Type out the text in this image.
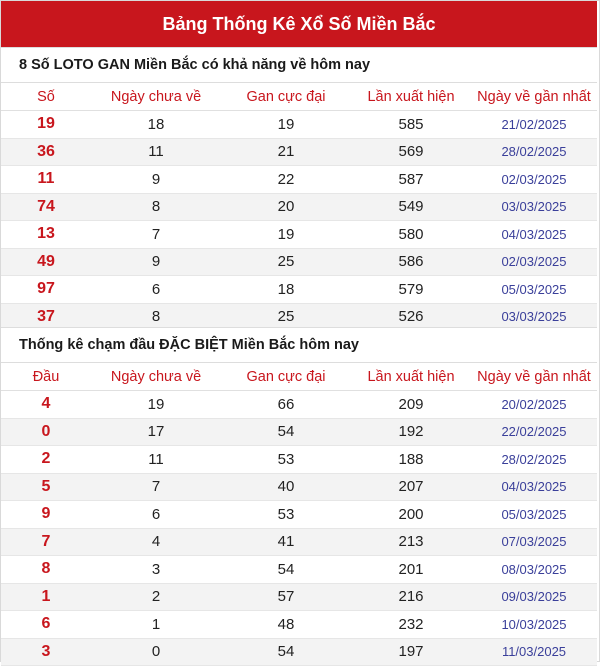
Bảng Thống Kê Xổ Số Miền Bắc
8 Số LOTO GAN Miền Bắc có khả năng về hôm nay
Số	Ngày chưa về	Gan cực đại	Lần xuất hiện	Ngày về gần nhất
19	18	19	585	21/02/2025
36	11	21	569	28/02/2025
11	9	22	587	02/03/2025
74	8	20	549	03/03/2025
13	7	19	580	04/03/2025
49	9	25	586	02/03/2025
97	6	18	579	05/03/2025
37	8	25	526	03/03/2025
Thống kê chạm đầu ĐẶC BIỆT Miền Bắc hôm nay
Đầu	Ngày chưa về	Gan cực đại	Lần xuất hiện	Ngày về gần nhất
4	19	66	209	20/02/2025
0	17	54	192	22/02/2025
2	11	53	188	28/02/2025
5	7	40	207	04/03/2025
9	6	53	200	05/03/2025
7	4	41	213	07/03/2025
8	3	54	201	08/03/2025
1	2	57	216	09/03/2025
6	1	48	232	10/03/2025
3	0	54	197	11/03/2025
